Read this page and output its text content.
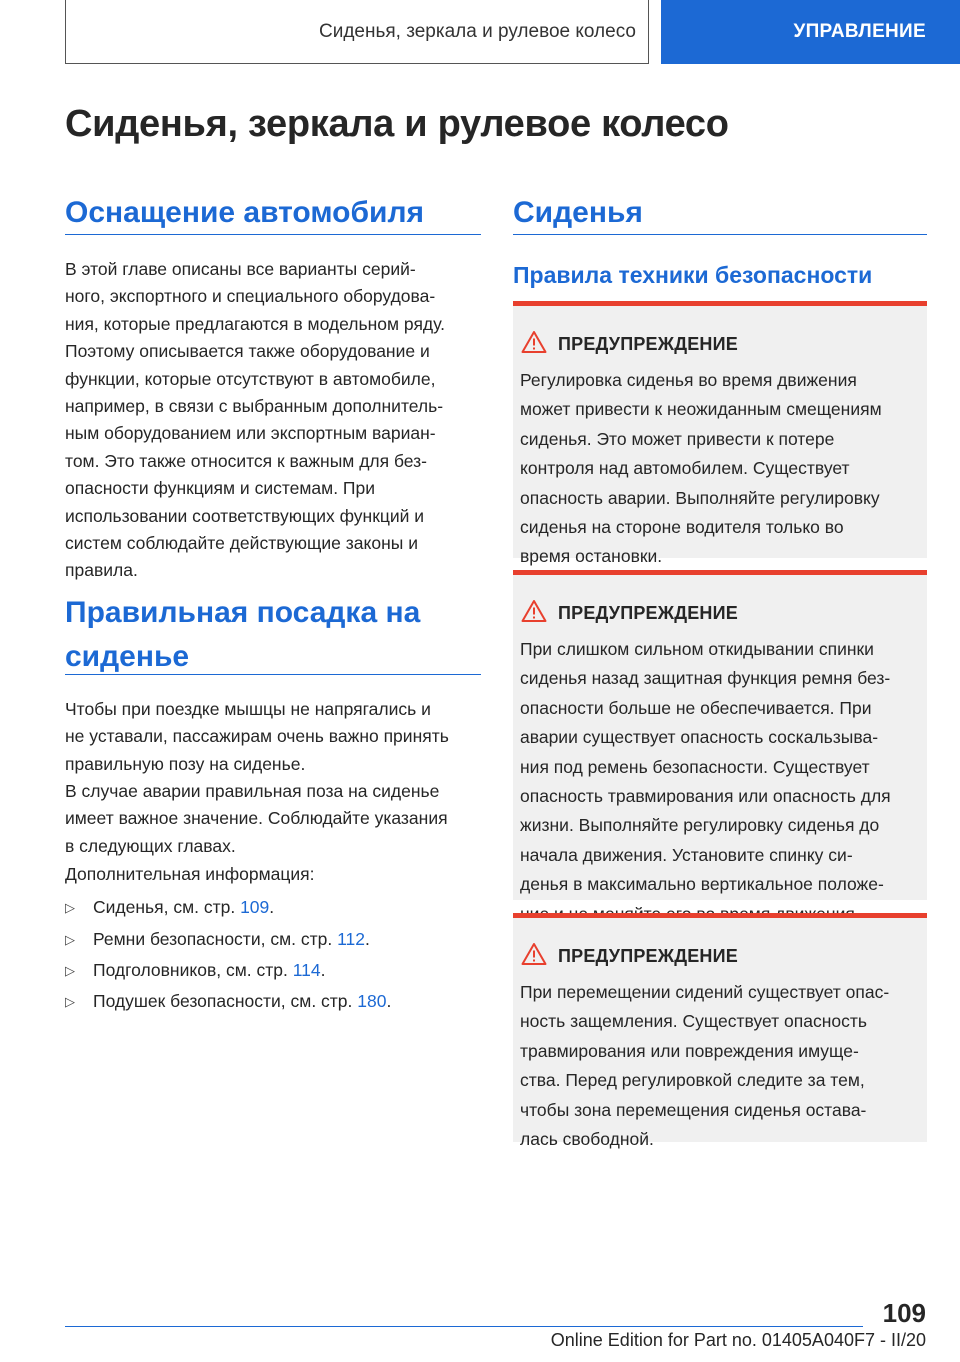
Сиденья, зеркала и рулевое колесо	УПРАВЛЕНИЕ
Сиденья, зеркала и рулевое колесо
Оснащение автомобиля

В этой главе описаны все варианты серий-

ного, экспортного и специального оборудова-

ния, которые предлагаются в модельном ряду.

Поэтому описывается также оборудование и

функции, которые отсутствуют в автомобиле,

например, в связи с выбранным дополнитель-

ным оборудованием или экспортным вариан-

том. Это также относится к важным для без-

опасности функциям и системам. При

использовании соответствующих функций и

систем соблюдайте действующие законы и

правила.

Правильная посадка на
сиденье

Чтобы при поездке мышцы не напрягались и

не уставали, пассажирам очень важно принять

правильную позу на сиденье.

В случае аварии правильная поза на сиденье

имеет важное значение. Соблюдайте указания

в следующих главах.

Дополнительная информация:

▷ Сиденья, см. стр. 109.
▷ Ремни безопасности, см. стр. 112.
▷ Подголовников, см. стр. 114.
▷ Подушек безопасности, см. стр. 180.
Сиденья
Правила техники безопасности
ПРЕДУПРЕЖДЕНИЕ
Регулировка сиденья во время движения
может привести к неожиданным смещениям
сиденья. Это может привести к потере
контроля над автомобилем. Существует
опасность аварии. Выполняйте регулировку
сиденья на стороне водителя только во
время остановки.
ПРЕДУПРЕЖДЕНИЕ
При слишком сильном откидывании спинки
сиденья назад защитная функция ремня без-
опасности больше не обеспечивается. При
аварии существует опасность соскальзыва-
ния под ремень безопасности. Существует
опасность травмирования или опасность для
жизни. Выполняйте регулировку сиденья до
начала движения. Установите спинку си-
денья в максимально вертикальное положе-
ПРЕДУПРЕЖДЕНИЕ
При перемещении сидений существует опас-
ность защемления. Существует опасность
травмирования или повреждения имуще-
ства. Перед регулировкой следите за тем,
чтобы зона перемещения сиденья остава-
лась свободной.
109
Online Edition for Part no. 01405A040F7 - II/20
